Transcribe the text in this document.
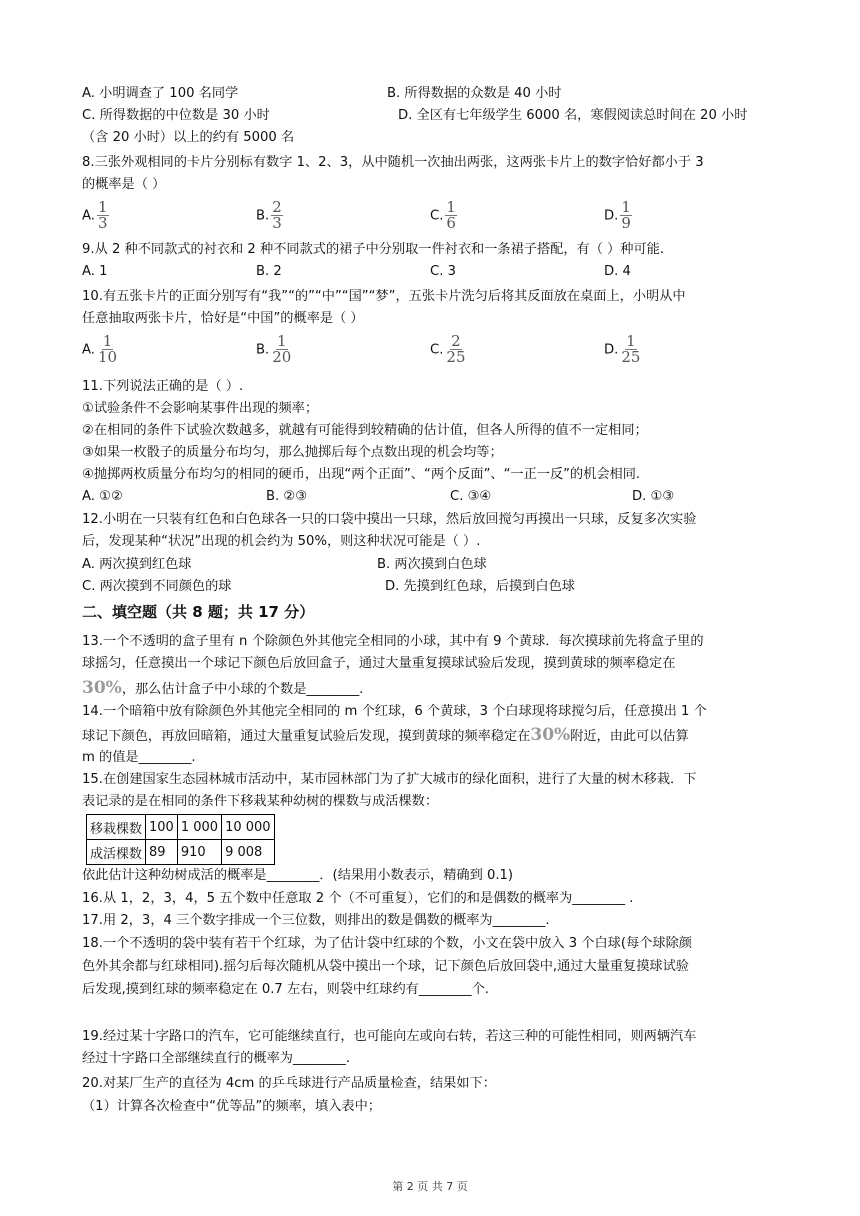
A. 小明调查了 100 名同学	B. 所得数据的众数是 40 小时
C. 所得数据的中位数是 30 小时	D. 全区有七年级学生 6000 名，寒假阅读总时间在 20 小时
（含 20 小时）以上的约有 5000 名
8.三张外观相同的卡片分别标有数字 1、2、3，从中随机一次抽出两张，这两张卡片上的数字恰好都小于 3
的概率是（ ）
A. $\frac{1}{3}$	B. $\frac{2}{3}$	C. $\frac{1}{6}$	D. $\frac{1}{9}$
9.从 2 种不同款式的衬衣和 2 种不同款式的裙子中分别取一件衬衣和一条裙子搭配，有（ ）种可能.
A. 1	B. 2	C. 3	D. 4
10.有五张卡片的正面分别写有“我”“的”“中”“国”“梦”，五张卡片洗匀后将其反面放在桌面上，小明从中
任意抽取两张卡片，恰好是“中国”的概率是（ ）
A. $\frac{1}{10}$	B. $\frac{1}{20}$	C. $\frac{2}{25}$	D. $\frac{1}{25}$
11.下列说法正确的是（ ）.
①试验条件不会影响某事件出现的频率；
②在相同的条件下试验次数越多，就越有可能得到较精确的估计值，但各人所得的值不一定相同；
③如果一枚骰子的质量分布均匀，那么抛掷后每个点数出现的机会均等；
④抛掷两枚质量分布均匀的相同的硬币，出现“两个正面”、“两个反面”、“一正一反”的机会相同.
A. ①②	B. ②③	C. ③④	D. ①③
12.小明在一只装有红色和白色球各一只的口袋中摸出一只球，然后放回搅匀再摸出一只球，反复多次实验
后，发现某种“状况”出现的机会约为 50%，则这种状况可能是（ ）.
A. 两次摸到红色球	B. 两次摸到白色球
C. 两次摸到不同颜色的球	D. 先摸到红色球，后摸到白色球
二、填空题（共 8 题；共 17 分）
13.一个不透明的盒子里有 n 个除颜色外其他完全相同的小球，其中有 9 个黄球．每次摸球前先将盒子里的
球摇匀，任意摸出一个球记下颜色后放回盒子，通过大量重复摸球试验后发现，摸到黄球的频率稳定在
30%，那么估计盒子中小球的个数是________.
14.一个暗箱中放有除颜色外其他完全相同的 m 个红球，6 个黄球，3 个白球现将球搅匀后，任意摸出 1 个
球记下颜色，再放回暗箱，通过大量重复试验后发现，摸到黄球的频率稳定在30%附近，由此可以估算
m 的值是________.
15.在创建国家生态园林城市活动中，某市园林部门为了扩大城市的绿化面积，进行了大量的树木移栽．下
表记录的是在相同的条件下移栽某种幼树的棵数与成活棵数：
移栽棵数	100	1 000	10 000
成活棵数	89	910	9 008
依此估计这种幼树成活的概率是________．(结果用小数表示，精确到 0.1)
16.从 1，2，3，4，5 五个数中任意取 2 个（不可重复），它们的和是偶数的概率为________ .
17.用 2，3，4 三个数字排成一个三位数，则排出的数是偶数的概率为________.
18.一个不透明的袋中装有若干个红球，为了估计袋中红球的个数，小文在袋中放入 3 个白球(每个球除颜
色外其余都与红球相同).摇匀后每次随机从袋中摸出一个球，记下颜色后放回袋中,通过大量重复摸球试验
后发现,摸到红球的频率稳定在 0.7 左右，则袋中红球约有________个.
19.经过某十字路口的汽车，它可能继续直行，也可能向左或向右转，若这三种的可能性相同，则两辆汽车
经过十字路口全部继续直行的概率为________.
20.对某厂生产的直径为 4cm 的乒乓球进行产品质量检查，结果如下：
（1）计算各次检查中“优等品”的频率，填入表中；
第 2 页 共 7 页
